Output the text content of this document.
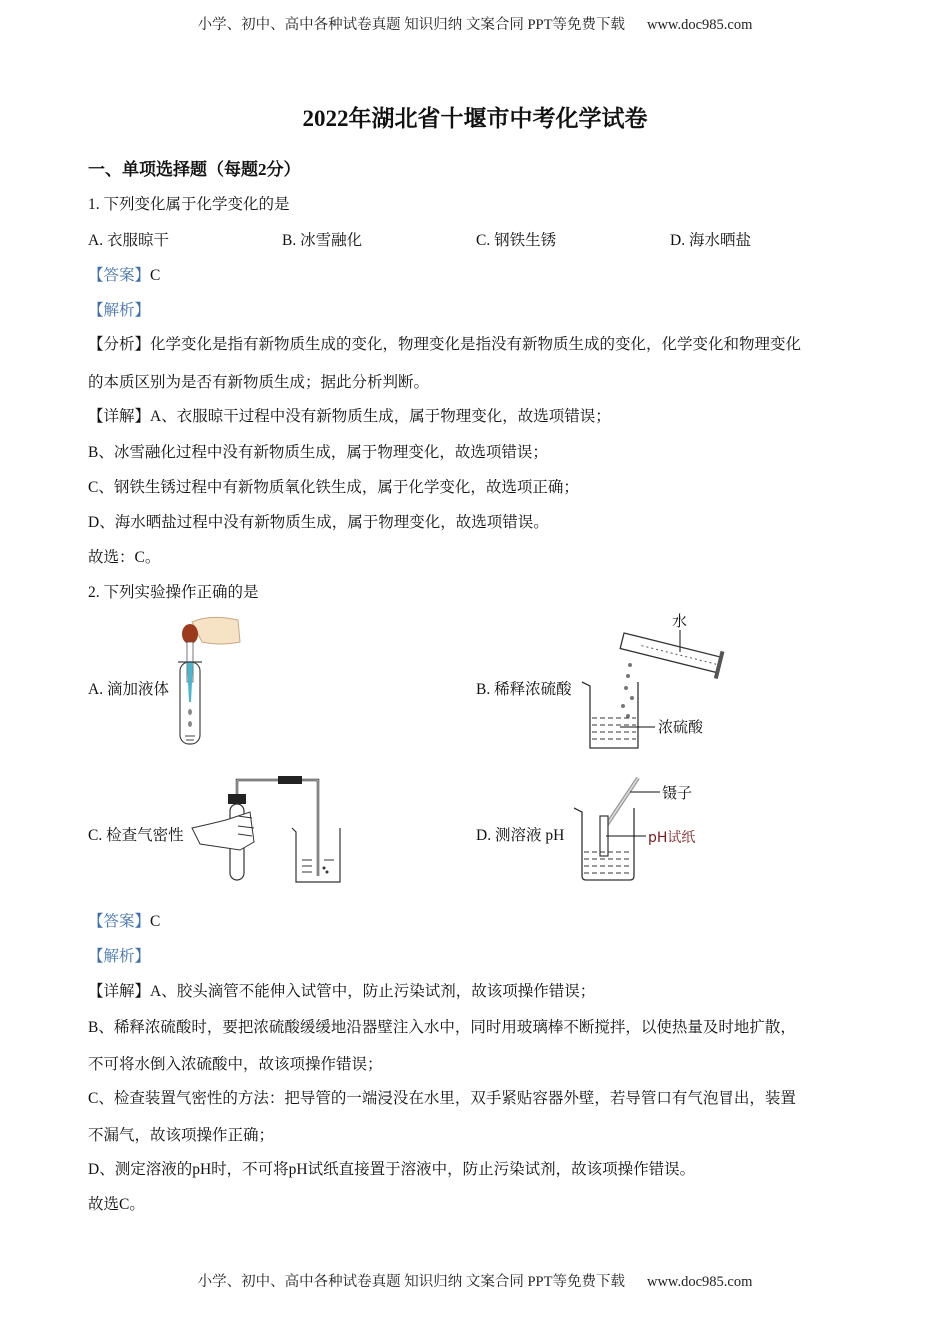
小学、初中、高中各种试卷真题 知识归纳 文案合同 PPT等免费下载 www.doc985.com
2022年湖北省十堰市中考化学试卷
一、单项选择题（每题2分）
1. 下列变化属于化学变化的是
A. 衣服晾干	B. 冰雪融化	C. 钢铁生锈	D. 海水晒盐
【答案】C
【解析】
【分析】化学变化是指有新物质生成的变化，物理变化是指没有新物质生成的变化，化学变化和物理变化
的本质区别为是否有新物质生成；据此分析判断。
【详解】A、衣服晾干过程中没有新物质生成，属于物理变化，故选项错误；
B、冰雪融化过程中没有新物质生成，属于物理变化，故选项错误；
C、钢铁生锈过程中有新物质氧化铁生成，属于化学变化，故选项正确；
D、海水晒盐过程中没有新物质生成，属于物理变化，故选项错误。
故选：C。
2. 下列实验操作正确的是
A. 滴加液体	B. 稀释浓硫酸
水
浓硫酸
C. 检查气密性	D. 测溶液 pH
镊子
pH试纸
【答案】C
【解析】
【详解】A、胶头滴管不能伸入试管中，防止污染试剂，故该项操作错误；
B、稀释浓硫酸时，要把浓硫酸缓缓地沿器壁注入水中，同时用玻璃棒不断搅拌，以使热量及时地扩散，
不可将水倒入浓硫酸中，故该项操作错误；
C、检查装置气密性的方法：把导管的一端浸没在水里，双手紧贴容器外壁，若导管口有气泡冒出，装置
不漏气，故该项操作正确；
D、测定溶液的pH时，不可将pH试纸直接置于溶液中，防止污染试剂，故该项操作错误。
故选C。
小学、初中、高中各种试卷真题 知识归纳 文案合同 PPT等免费下载 www.doc985.com
